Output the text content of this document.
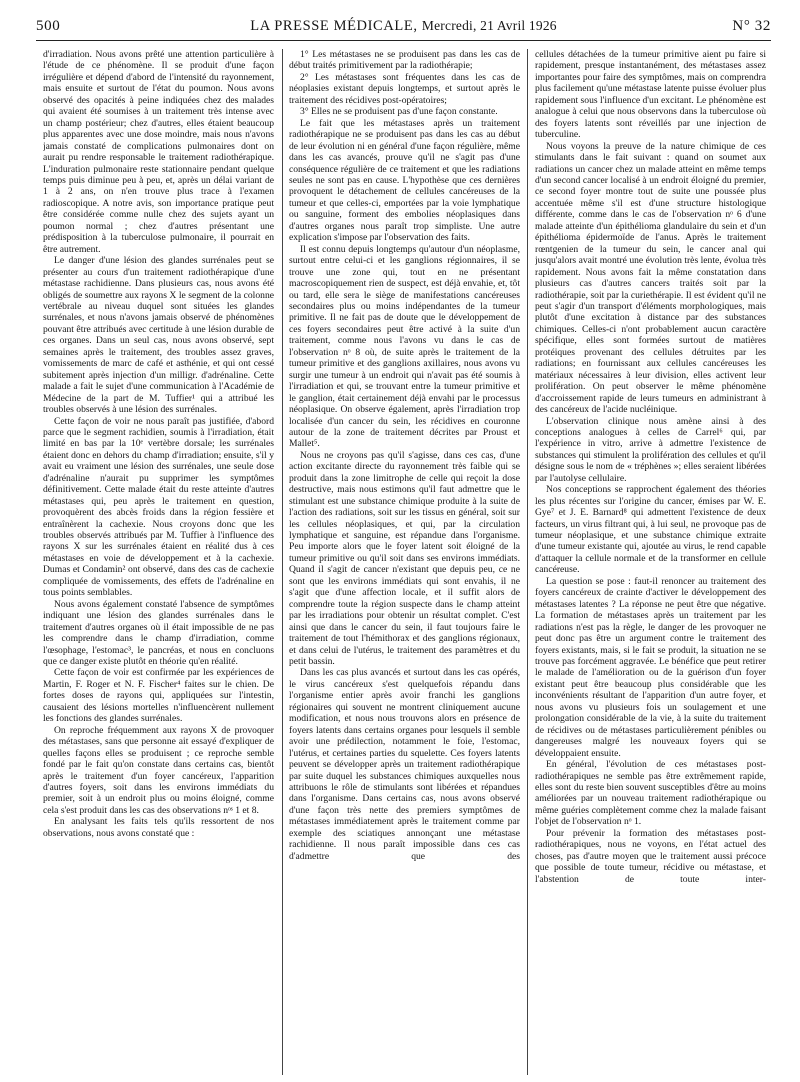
500	LA PRESSE MÉDICALE, Mercredi, 21 Avril 1926	N° 32

d'irradiation. Nous avons prêté une attention particulière à l'étude de ce phénomène. Il se produit d'une façon irrégulière et dépend d'abord de l'intensité du rayonnement, mais ensuite et surtout de l'état du poumon. Nous avons observé des opacités à peine indiquées chez des malades qui avaient été soumises à un traitement très intense avec un champ postérieur; chez d'autres, elles étaient beaucoup plus apparentes avec une dose moindre, mais nous n'avons jamais constaté de complications pulmonaires dont on aurait pu rendre responsable le traitement radiothérapique. L'induration pulmonaire reste stationnaire pendant quelque temps puis diminue peu à peu, et, après un délai variant de 1 à 2 ans, on n'en trouve plus trace à l'examen radioscopique. A notre avis, son importance pratique peut être considérée comme nulle chez des sujets ayant un poumon normal ; chez d'autres présentant une prédisposition à la tuberculose pulmonaire, il pourrait en être autrement.

Le danger d'une lésion des glandes surrénales peut se présenter au cours d'un traitement radiothérapique d'une métastase rachidienne. Dans plusieurs cas, nous avons été obligés de soumettre aux rayons X le segment de la colonne vertébrale au niveau duquel sont situées les glandes surrénales, et nous n'avons jamais observé de phénomènes pouvant être attribués avec certitude à une lésion durable de ces organes. Dans un seul cas, nous avons observé, sept semaines après le traitement, des troubles assez graves, vomissements de marc de café et asthénie, et qui ont cessé subitement après injection d'un milligr. d'adrénaline. Cette malade a fait le sujet d'une communication à l'Académie de Médecine de la part de M. Tuffier¹ qui a attribué les troubles observés à une lésion des surrénales.

Cette façon de voir ne nous paraît pas justifiée, d'abord parce que le segment rachidien, soumis à l'irradiation, était limité en bas par la 10ᵉ vertèbre dorsale; les surrénales étaient donc en dehors du champ d'irradiation; ensuite, s'il y avait eu vraiment une lésion des surrénales, une seule dose d'adrénaline n'aurait pu supprimer les symptômes définitivement. Cette malade était du reste atteinte d'autres métastases qui, peu après le traitement en question, provoquèrent des abcès froids dans la région fessière et entraînèrent la cachexie. Nous croyons donc que les troubles observés attribués par M. Tuffier à l'influence des rayons X sur les surrénales étaient en réalité dus à ces métastases en voie de développement et à la cachexie. Dumas et Condamin² ont observé, dans des cas de cachexie compliquée de vomissements, des effets de l'adrénaline en tous points semblables.

Nous avons également constaté l'absence de symptômes indiquant une lésion des glandes surrénales dans le traitement d'autres organes où il était impossible de ne pas les comprendre dans le champ d'irradiation, comme l'œsophage, l'estomac³, le pancréas, et nous en concluons que ce danger existe plutôt en théorie qu'en réalité.

Cette façon de voir est confirmée par les expériences de Martin, F. Roger et N. F. Fischer⁴ faites sur le chien. De fortes doses de rayons qui, appliquées sur l'intestin, causaient des lésions mortelles n'influencèrent nullement les fonctions des glandes surrénales.

On reproche fréquemment aux rayons X de provoquer des métastases, sans que personne ait essayé d'expliquer de quelles façons elles se produisent ; ce reproche semble fondé par le fait qu'on constate dans certains cas, bientôt après le traitement d'un foyer cancéreux, l'apparition d'autres foyers, soit dans les environs immédiats du premier, soit à un endroit plus ou moins éloigné, comme cela s'est produit dans les cas des observations nᵒˢ 1 et 8.

En analysant les faits tels qu'ils ressortent de nos observations, nous avons constaté que :

1° Les métastases ne se produisent pas dans les cas de début traités primitivement par la radiothérapie;

2° Les métastases sont fréquentes dans les cas de néoplasies existant depuis longtemps, et surtout après le traitement des récidives post-opératoires;

3° Elles ne se produisent pas d'une façon constante.

Le fait que les métastases après un traitement radiothérapique ne se produisent pas dans les cas au début de leur évolution ni en général d'une façon régulière, même dans les cas avancés, prouve qu'il ne s'agit pas d'une conséquence régulière de ce traitement et que les radiations seules ne sont pas en cause. L'hypothèse que ces dernières provoquent le détachement de cellules cancéreuses de la tumeur et que celles-ci, emportées par la voie lymphatique ou sanguine, forment des embolies néoplasiques dans d'autres organes nous paraît trop simpliste. Une autre explication s'impose par l'observation des faits.

Il est connu depuis longtemps qu'autour d'un néoplasme, surtout entre celui-ci et les ganglions régionnaires, il se trouve une zone qui, tout en ne présentant macroscopiquement rien de suspect, est déjà envahie, et, tôt ou tard, elle sera le siège de manifestations cancéreuses secondaires plus ou moins indépendantes de la tumeur primitive. Il ne fait pas de doute que le développement de ces foyers secondaires peut être activé à la suite d'un traitement, comme nous l'avons vu dans le cas de l'observation nᵒ 8 où, de suite après le traitement de la tumeur primitive et des ganglions axillaires, nous avons vu surgir une tumeur à un endroit qui n'avait pas été soumis à l'irradiation et qui, se trouvant entre la tumeur primitive et le ganglion, était certainement déjà envahi par le processus néoplasique. On observe également, après l'irradiation trop localisée d'un cancer du sein, les récidives en couronne autour de la zone de traitement décrites par Proust et Mallet⁵.

Nous ne croyons pas qu'il s'agisse, dans ces cas, d'une action excitante directe du rayonnement très faible qui se produit dans la zone limitrophe de celle qui reçoit la dose destructive, mais nous estimons qu'il faut admettre que le stimulant est une substance chimique produite à la suite de l'action des radiations, soit sur les tissus en général, soit sur les cellules néoplasiques, et qui, par la circulation lymphatique et sanguine, est répandue dans l'organisme. Peu importe alors que le foyer latent soit éloigné de la tumeur primitive ou qu'il soit dans ses environs immédiats. Quand il s'agit de cancer n'existant que depuis peu, ce ne sont que les environs immédiats qui sont envahis, il ne s'agit que d'une affection locale, et il suffit alors de comprendre toute la région suspecte dans le champ atteint par les irradiations pour obtenir un résultat complet. C'est ainsi que dans le cancer du sein, il faut toujours faire le traitement de tout l'hémithorax et des ganglions régionaux, et dans celui de l'utérus, le traitement des paramètres et du petit bassin.

Dans les cas plus avancés et surtout dans les cas opérés, le virus cancéreux s'est quelquefois répandu dans l'organisme entier après avoir franchi les ganglions régionaires qui souvent ne montrent cliniquement aucune modification, et nous nous trouvons alors en présence de foyers latents dans certains organes pour lesquels il semble avoir une prédilection, notamment le foie, l'estomac, l'utérus, et certaines parties du squelette. Ces foyers latents peuvent se développer après un traitement radiothérapique par suite duquel les substances chimiques auxquelles nous attribuons le rôle de stimulants sont libérées et répandues dans l'organisme. Dans certains cas, nous avons observé d'une façon très nette des premiers symptômes de métastases immédiatement après le traitement comme par exemple des sciatiques annonçant une métastase rachidienne. Il nous paraît impossible dans ces cas d'admettre que des

cellules détachées de la tumeur primitive aient pu faire si rapidement, presque instantanément, des métastases assez importantes pour faire des symptômes, mais on comprendra plus facilement qu'une métastase latente puisse évoluer plus rapidement sous l'influence d'un excitant. Le phénomène est analogue à celui que nous observons dans la tuberculose où des foyers latents sont réveillés par une injection de tuberculine.

Nous voyons la preuve de la nature chimique de ces stimulants dans le fait suivant : quand on soumet aux radiations un cancer chez un malade atteint en même temps d'un second cancer localisé à un endroit éloigné du premier, ce second foyer montre tout de suite une poussée plus accentuée même s'il est d'une structure histologique différente, comme dans le cas de l'observation nᵒ 6 d'une malade atteinte d'un épithélioma glandulaire du sein et d'un épithélioma épidermoïde de l'anus. Après le traitement rœntgenien de la tumeur du sein, le cancer anal qui jusqu'alors avait montré une évolution très lente, évolua très rapidement. Nous avons fait la même constatation dans plusieurs cas d'autres cancers traités soit par la radiothérapie, soit par la curiethérapie. Il est évident qu'il ne peut s'agir d'un transport d'éléments morphologiques, mais plutôt d'une excitation à distance par des substances chimiques. Celles-ci n'ont probablement aucun caractère spécifique, elles sont formées surtout de matières protéiques provenant des cellules détruites par les radiations; en fournissant aux cellules cancéreuses les matériaux nécessaires à leur division, elles activent leur prolifération. On peut observer le même phénomène d'accroissement rapide de leurs tumeurs en administrant à des cancéreux de l'acide nucléinique.

L'observation clinique nous amène ainsi à des conceptions analogues à celles de Carrel⁶ qui, par l'expérience in vitro, arrive à admettre l'existence de substances qui stimulent la prolifération des cellules et qu'il désigne sous le nom de « tréphènes »; elles seraient libérées par l'autolyse cellulaire.

Nos conceptions se rapprochent également des théories les plus récentes sur l'origine du cancer, émises par W. E. Gye⁷ et J. E. Barnard⁸ qui admettent l'existence de deux facteurs, un virus filtrant qui, à lui seul, ne provoque pas de tumeur néoplasique, et une substance chimique extraite d'une tumeur existante qui, ajoutée au virus, le rend capable d'attaquer la cellule normale et de la transformer en cellule cancéreuse.

La question se pose : faut-il renoncer au traitement des foyers cancéreux de crainte d'activer le développement des métastases latentes ? La réponse ne peut être que négative. La formation de métastases après un traitement par les radiations n'est pas la règle, le danger de les provoquer ne peut donc pas être un argument contre le traitement des foyers existants, mais, si le fait se produit, la situation ne se trouve pas forcément aggravée. Le bénéfice que peut retirer le malade de l'amélioration ou de la guérison d'un foyer existant peut être beaucoup plus considérable que les inconvénients résultant de l'apparition d'un autre foyer, et nous avons vu plusieurs fois un soulagement et une prolongation considérable de la vie, à la suite du traitement de récidives ou de métastases particulièrement pénibles ou dangereuses malgré les nouveaux foyers qui se développaient ensuite.

En général, l'évolution de ces métastases post-radiothérapiques ne semble pas être extrêmement rapide, elles sont du reste bien souvent susceptibles d'être au moins améliorées par un nouveau traitement radiothérapique ou même guéries complètement comme chez la malade faisant l'objet de l'observation nᵒ 1.

Pour prévenir la formation des métastases post-radiothérapiques, nous ne voyons, en l'état actuel des choses, pas d'autre moyen que le traitement aussi précoce que possible de toute tumeur, récidive ou métastase, et l'abstention de toute inter-
